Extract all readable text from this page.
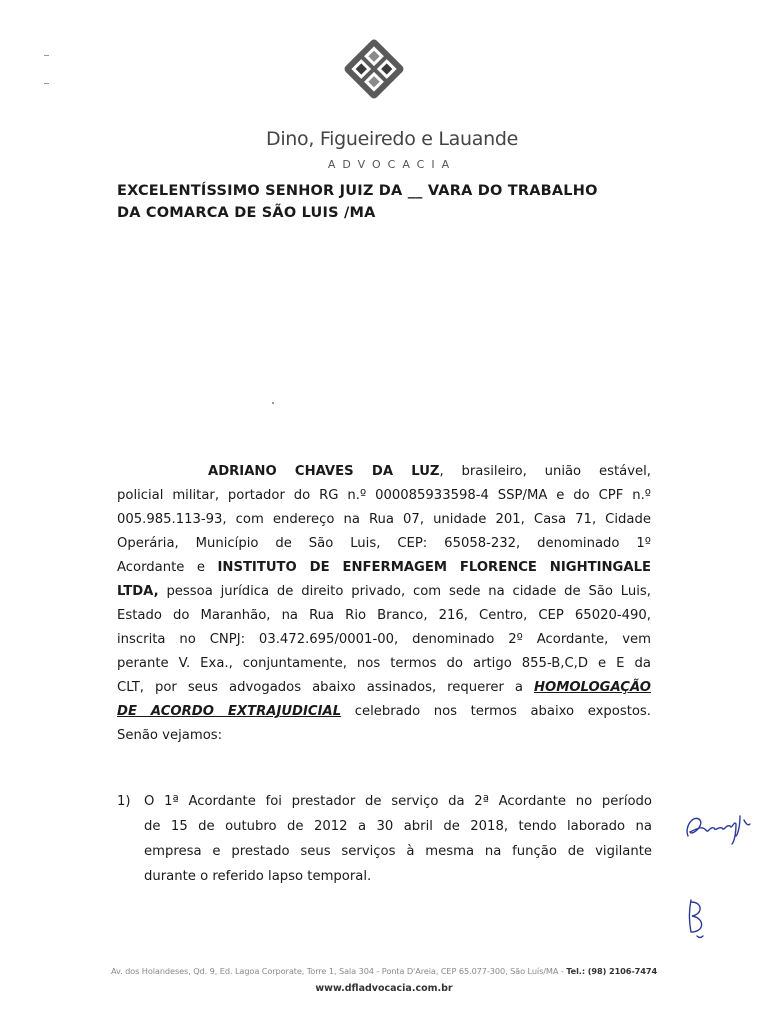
Dino, Figueiredo e Lauande
ADVOCACIA
EXCELENTÍSSIMO SENHOR JUIZ DA __ VARA DO TRABALHO
DA COMARCA DE SÃO LUIS /MA
ADRIANO CHAVES DA LUZ, brasileiro, união estável,
policial militar, portador do RG n.º 000085933598-4 SSP/MA e do CPF n.º
005.985.113-93, com endereço na Rua 07, unidade 201, Casa 71, Cidade
Operária, Município de São Luis, CEP: 65058-232, denominado 1º
Acordante e INSTITUTO DE ENFERMAGEM FLORENCE NIGHTINGALE
LTDA, pessoa jurídica de direito privado, com sede na cidade de São Luis,
Estado do Maranhão, na Rua Rio Branco, 216, Centro, CEP 65020-490,
inscrita no CNPJ: 03.472.695/0001-00, denominado 2º Acordante, vem
perante V. Exa., conjuntamente, nos termos do artigo 855-B,C,D e E da
CLT, por seus advogados abaixo assinados, requerer a HOMOLOGAÇÃO
DE ACORDO EXTRAJUDICIAL celebrado nos termos abaixo expostos.
Senão vejamos:
1)	O 1ª Acordante foi prestador de serviço da 2ª Acordante no período
de 15 de outubro de 2012 a 30 abril de 2018, tendo laborado na
empresa e prestado seus serviços à mesma na função de vigilante
durante o referido lapso temporal.
Av. dos Holandeses, Qd. 9, Ed. Lagoa Corporate, Torre 1, Sala 304 - Ponta D'Areia, CEP 65.077-300, São Luís/MA - Tel.: (98) 2106-7474
www.dfladvocacia.com.br
